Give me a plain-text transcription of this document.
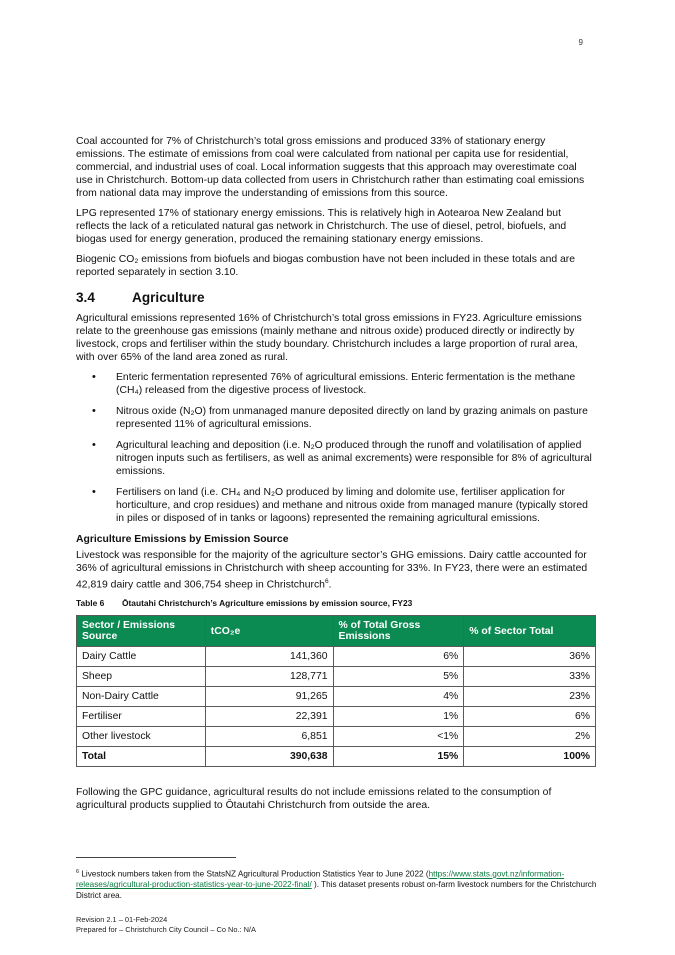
9

Coal accounted for 7% of Christchurch’s total gross emissions and produced 33% of stationary energy emissions. The estimate of emissions from coal were calculated from national per capita use for residential, commercial, and industrial uses of coal. Local information suggests that this approach may overestimate coal use in Christchurch. Bottom-up data collected from users in Christchurch rather than estimating coal emissions from national data may improve the understanding of emissions from this source.

LPG represented 17% of stationary energy emissions. This is relatively high in Aotearoa New Zealand but reflects the lack of a reticulated natural gas network in Christchurch. The use of diesel, petrol, biofuels, and biogas used for energy generation, produced the remaining stationary energy emissions.

Biogenic CO₂ emissions from biofuels and biogas combustion have not been included in these totals and are reported separately in section 3.10.

3.4	Agriculture

Agricultural emissions represented 16% of Christchurch’s total gross emissions in FY23. Agriculture emissions relate to the greenhouse gas emissions (mainly methane and nitrous oxide) produced directly or indirectly by livestock, crops and fertiliser within the study boundary. Christchurch includes a large proportion of rural area, with over 65% of the land area zoned as rural.

• Enteric fermentation represented 76% of agricultural emissions. Enteric fermentation is the methane (CH₄) released from the digestive process of livestock.
• Nitrous oxide (N₂O) from unmanaged manure deposited directly on land by grazing animals on pasture represented 11% of agricultural emissions.
• Agricultural leaching and deposition (i.e. N₂O produced through the runoff and volatilisation of applied nitrogen inputs such as fertilisers, as well as animal excrements) were responsible for 8% of agricultural emissions.
• Fertilisers on land (i.e. CH₄ and N₂O produced by liming and dolomite use, fertiliser application for horticulture, and crop residues) and methane and nitrous oxide from managed manure (typically stored in piles or disposed of in tanks or lagoons) represented the remaining agricultural emissions.
Agriculture Emissions by Emission Source

Livestock was responsible for the majority of the agriculture sector’s GHG emissions. Dairy cattle accounted for 36% of agricultural emissions in Christchurch with sheep accounting for 33%. In FY23, there were an estimated 42,819 dairy cattle and 306,754 sheep in Christchurch$^6$.

Table 6 Ōtautahi Christchurch’s Agriculture emissions by emission source, FY23
Sector / Emissions Source	tCO₂e	% of Total Gross Emissions	% of Sector Total
Dairy Cattle	141,360	6%	36%
Sheep	128,771	5%	33%
Non-Dairy Cattle	91,265	4%	23%
Fertiliser	22,391	1%	6%
Other livestock	6,851	<1%	2%
Total	390,638	15%	100%

Following the GPC guidance, agricultural results do not include emissions related to the consumption of agricultural products supplied to Ōtautahi Christchurch from outside the area.

$^6$ Livestock numbers taken from the StatsNZ Agricultural Production Statistics Year to June 2022 (https://www.stats.govt.nz/information-releases/agricultural-production-statistics-year-to-june-2022-final/ ). This dataset presents robust on-farm livestock numbers for the Christchurch District area.
Revision 2.1 – 01-Feb-2024
Prepared for – Christchurch City Council – Co No.: N/A
